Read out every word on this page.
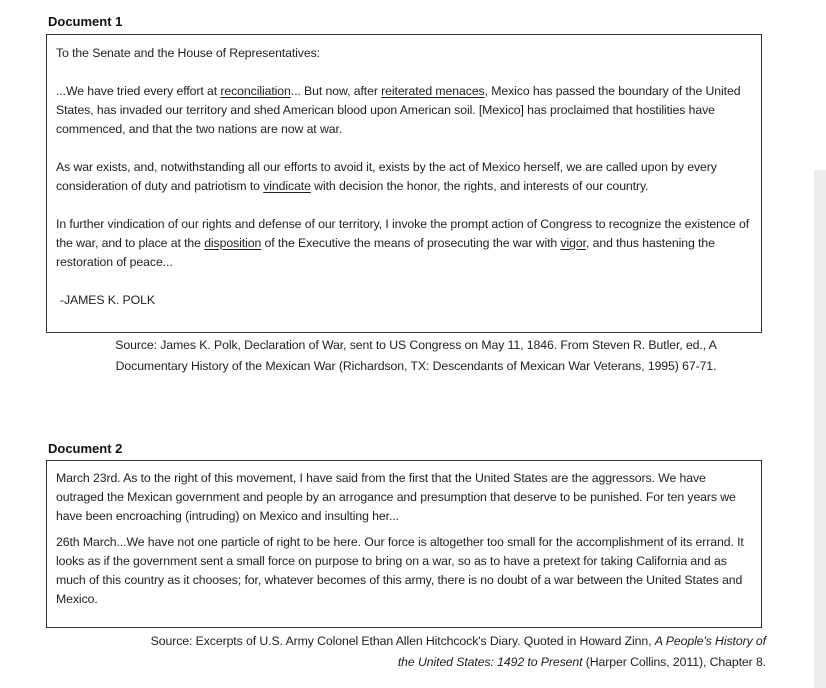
Document 1

To the Senate and the House of Representatives:

...We have tried every effort at reconciliation... But now, after reiterated menaces, Mexico has passed the boundary of the United States, has invaded our territory and shed American blood upon American soil. [Mexico] has proclaimed that hostilities have commenced, and that the two nations are now at war.

As war exists, and, notwithstanding all our efforts to avoid it, exists by the act of Mexico herself, we are called upon by every consideration of duty and patriotism to vindicate with decision the honor, the rights, and interests of our country.

In further vindication of our rights and defense of our territory, I invoke the prompt action of Congress to recognize the existence of the war, and to place at the disposition of the Executive the means of prosecuting the war with vigor, and thus hastening the restoration of peace...

-JAMES K. POLK

Source: James K. Polk, Declaration of War, sent to US Congress on May 11, 1846. From Steven R. Butler, ed., A
Documentary History of the Mexican War (Richardson, TX: Descendants of Mexican War Veterans, 1995) 67-71.

Document 2

March 23rd. As to the right of this movement, I have said from the first that the United States are the aggressors. We have outraged the Mexican government and people by an arrogance and presumption that deserve to be punished. For ten years we have been encroaching (intruding) on Mexico and insulting her...

26th March...We have not one particle of right to be here. Our force is altogether too small for the accomplishment of its errand. It looks as if the government sent a small force on purpose to bring on a war, so as to have a pretext for taking California and as much of this country as it chooses; for, whatever becomes of this army, there is no doubt of a war between the United States and Mexico.

Source: Excerpts of U.S. Army Colonel Ethan Allen Hitchcock's Diary. Quoted in Howard Zinn, A People's History of
the United States: 1492 to Present (Harper Collins, 2011), Chapter 8.
